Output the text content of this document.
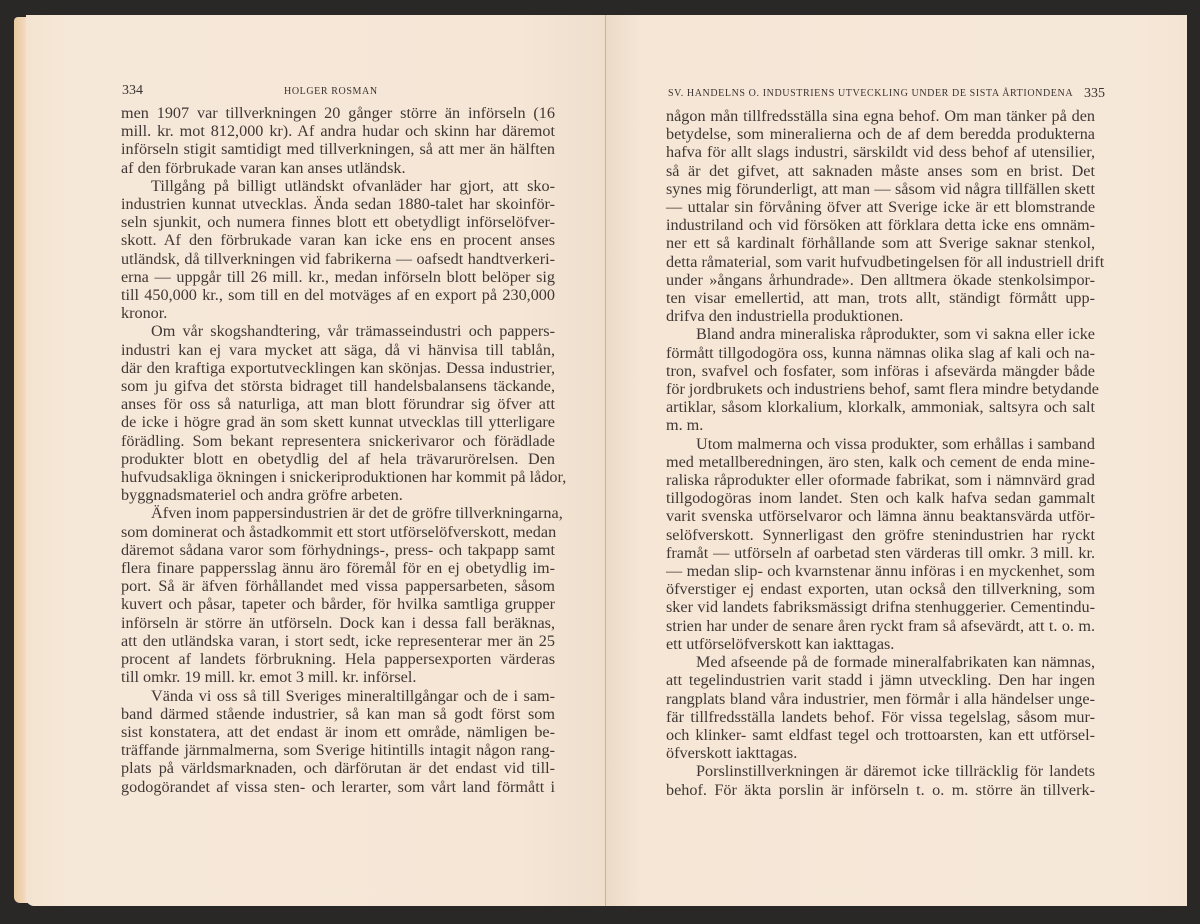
334	HOLGER ROSMAN
men 1907 var tillverkningen 20 gånger större än införseln (16
mill. kr. mot 812,000 kr). Af andra hudar och skinn har däremot
införseln stigit samtidigt med tillverkningen, så att mer än hälften
af den förbrukade varan kan anses utländsk.
Tillgång på billigt utländskt ofvanläder har gjort, att sko-
industrien kunnat utvecklas. Ända sedan 1880-talet har skoinför-
seln sjunkit, och numera finnes blott ett obetydligt införselöfver-
skott. Af den förbrukade varan kan icke ens en procent anses
utländsk, då tillverkningen vid fabrikerna — oafsedt handtverkeri-
erna — uppgår till 26 mill. kr., medan införseln blott belöper sig
till 450,000 kr., som till en del motväges af en export på 230,000
kronor.
Om vår skogshandtering, vår trämasseindustri och pappers-
industri kan ej vara mycket att säga, då vi hänvisa till tablån,
där den kraftiga exportutvecklingen kan skönjas. Dessa industrier,
som ju gifva det största bidraget till handelsbalansens täckande,
anses för oss så naturliga, att man blott förundrar sig öfver att
de icke i högre grad än som skett kunnat utvecklas till ytterligare
förädling. Som bekant representera snickerivaror och förädlade
produkter blott en obetydlig del af hela trävarurörelsen. Den
hufvudsakliga ökningen i snickeriproduktionen har kommit på lådor,
byggnadsmateriel och andra gröfre arbeten.
Äfven inom pappersindustrien är det de gröfre tillverkningarna,
som dominerat och åstadkommit ett stort utförselöfverskott, medan
däremot sådana varor som förhydnings-, press- och takpapp samt
flera finare pappersslag ännu äro föremål för en ej obetydlig im-
port. Så är äfven förhållandet med vissa pappersarbeten, såsom
kuvert och påsar, tapeter och bårder, för hvilka samtliga grupper
införseln är större än utförseln. Dock kan i dessa fall beräknas,
att den utländska varan, i stort sedt, icke representerar mer än 25
procent af landets förbrukning. Hela pappersexporten värderas
till omkr. 19 mill. kr. emot 3 mill. kr. införsel.
Vända vi oss så till Sveriges mineraltillgångar och de i sam-
band därmed stående industrier, så kan man så godt först som
sist konstatera, att det endast är inom ett område, nämligen be-
träffande järnmalmerna, som Sverige hitintills intagit någon rang-
plats på världsmarknaden, och därförutan är det endast vid till-
godogörandet af vissa sten- och lerarter, som vårt land förmått i
SV. HANDELNS O. INDUSTRIENS UTVECKLING UNDER DE SISTA ÅRTIONDENA 335
någon mån tillfredsställa sina egna behof. Om man tänker på den
betydelse, som mineralierna och de af dem beredda produkterna
hafva för allt slags industri, särskildt vid dess behof af utensilier,
så är det gifvet, att saknaden måste anses som en brist. Det
synes mig förunderligt, att man — såsom vid några tillfällen skett
— uttalar sin förvåning öfver att Sverige icke är ett blomstrande
industriland och vid försöken att förklara detta icke ens omnäm-
ner ett så kardinalt förhållande som att Sverige saknar stenkol,
detta råmaterial, som varit hufvudbetingelsen för all industriell drift
under »ångans århundrade». Den alltmera ökade stenkolsimpor-
ten visar emellertid, att man, trots allt, ständigt förmått upp-
drifva den industriella produktionen.
Bland andra mineraliska råprodukter, som vi sakna eller icke
förmått tillgodogöra oss, kunna nämnas olika slag af kali och na-
tron, svafvel och fosfater, som införas i afsevärda mängder både
för jordbrukets och industriens behof, samt flera mindre betydande
artiklar, såsom klorkalium, klorkalk, ammoniak, saltsyra och salt
m. m.
Utom malmerna och vissa produkter, som erhållas i samband
med metallberedningen, äro sten, kalk och cement de enda mine-
raliska råprodukter eller oformade fabrikat, som i nämnvärd grad
tillgodogöras inom landet. Sten och kalk hafva sedan gammalt
varit svenska utförselvaror och lämna ännu beaktansvärda utför-
selöfverskott. Synnerligast den gröfre stenindustrien har ryckt
framåt — utförseln af oarbetad sten värderas till omkr. 3 mill. kr.
— medan slip- och kvarnstenar ännu införas i en myckenhet, som
öfverstiger ej endast exporten, utan också den tillverkning, som
sker vid landets fabriksmässigt drifna stenhuggerier. Cementindu-
strien har under de senare åren ryckt fram så afsevärdt, att t. o. m.
ett utförselöfverskott kan iakttagas.
Med afseende på de formade mineralfabrikaten kan nämnas,
att tegelindustrien varit stadd i jämn utveckling. Den har ingen
rangplats bland våra industrier, men förmår i alla händelser unge-
fär tillfredsställa landets behof. För vissa tegelslag, såsom mur-
och klinker- samt eldfast tegel och trottoarsten, kan ett utförsel-
öfverskott iakttagas.
Porslinstillverkningen är däremot icke tillräcklig för landets
behof. För äkta porslin är införseln t. o. m. större än tillverk-
